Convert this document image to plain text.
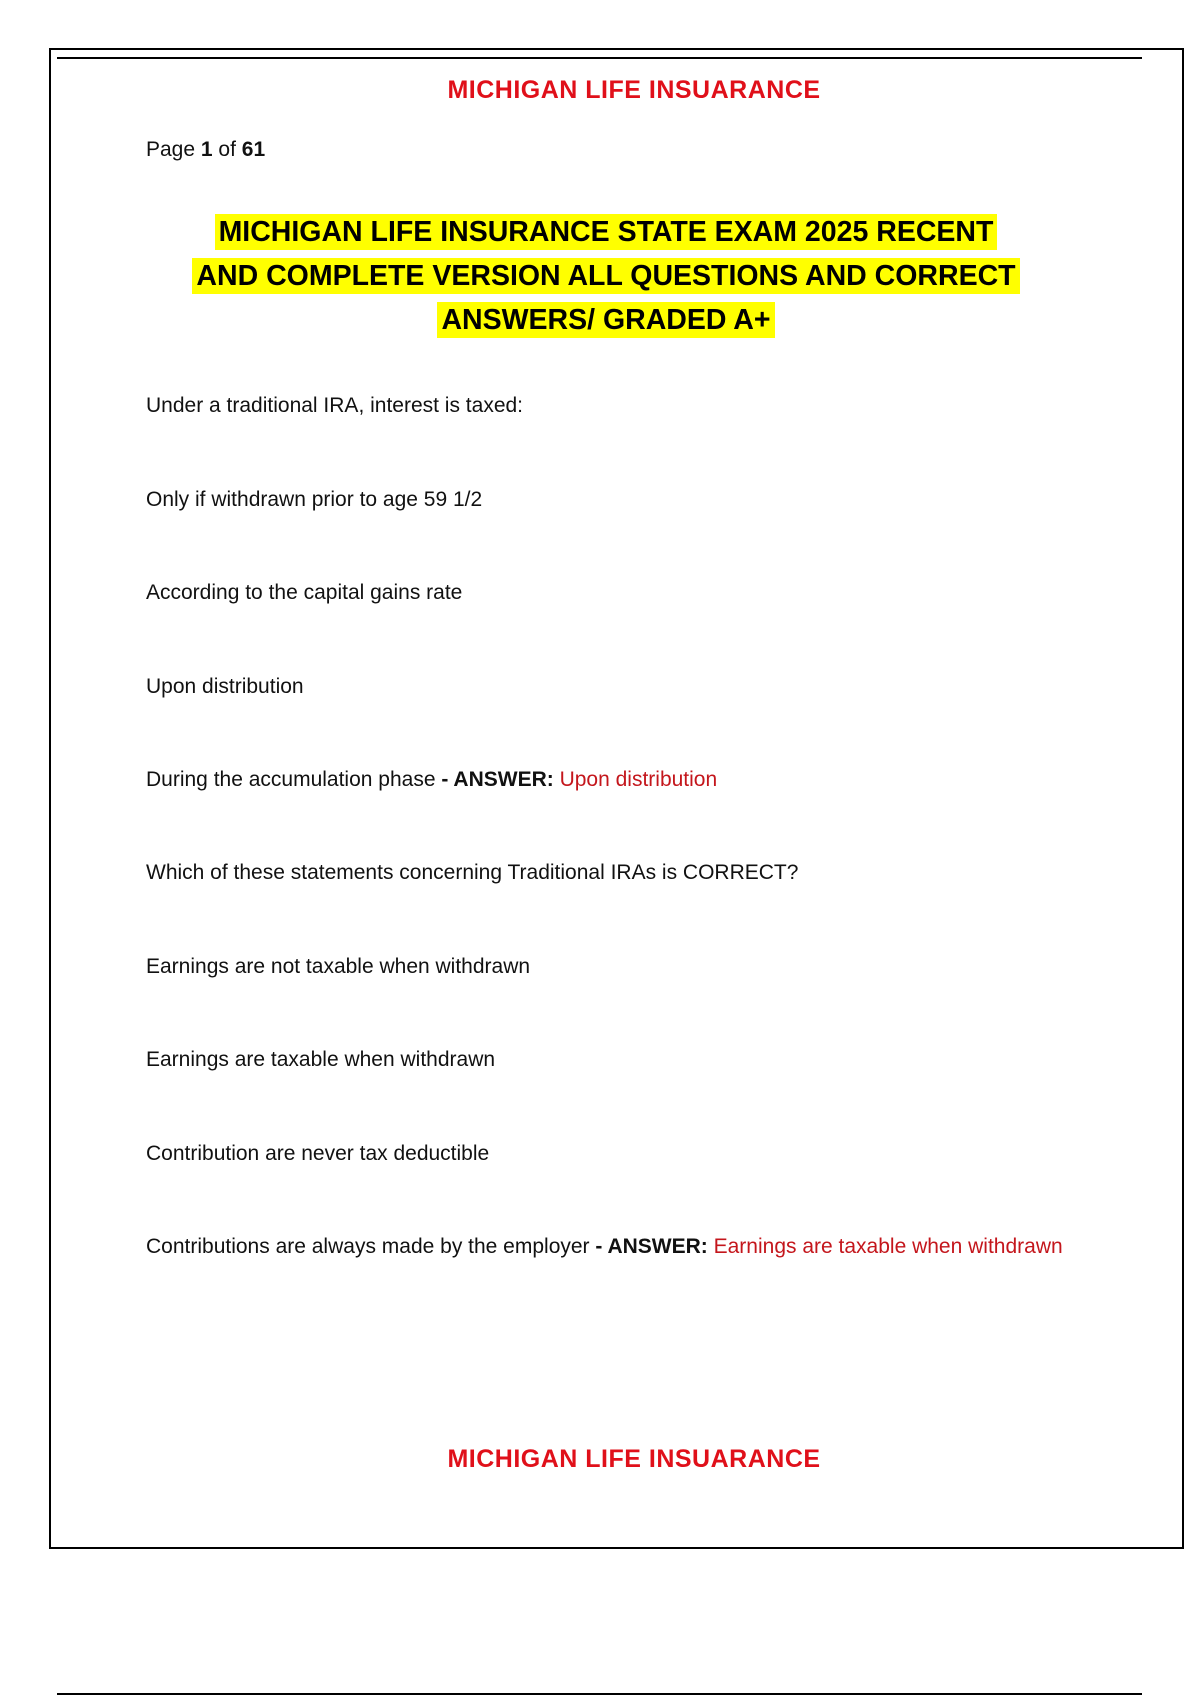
MICHIGAN LIFE INSUARANCE
Page 1 of 61
MICHIGAN LIFE INSURANCE STATE EXAM 2025 RECENT
AND COMPLETE VERSION ALL QUESTIONS AND CORRECT
ANSWERS/ GRADED A+
Under a traditional IRA, interest is taxed:
Only if withdrawn prior to age 59 1/2
According to the capital gains rate
Upon distribution
During the accumulation phase - ANSWER: Upon distribution
Which of these statements concerning Traditional IRAs is CORRECT?
Earnings are not taxable when withdrawn
Earnings are taxable when withdrawn
Contribution are never tax deductible
Contributions are always made by the employer - ANSWER: Earnings are taxable when withdrawn
MICHIGAN LIFE INSUARANCE
